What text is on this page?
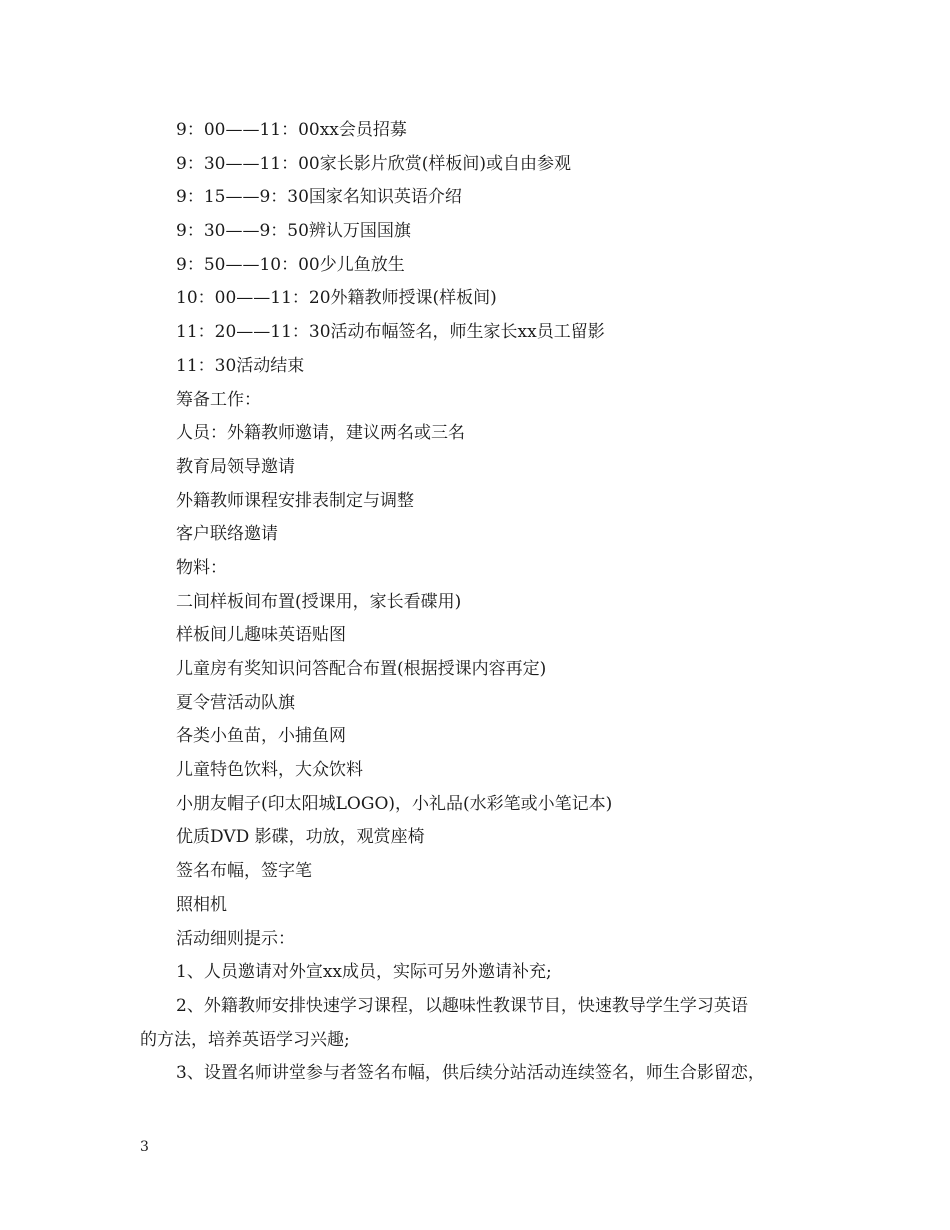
9：00——11：00xx会员招募
9：30——11：00家长影片欣赏(样板间)或自由参观
9：15——9：30国家名知识英语介绍
9：30——9：50辨认万国国旗
9：50——10：00少儿鱼放生
10：00——11：20外籍教师授课(样板间)
11：20——11：30活动布幅签名，师生家长xx员工留影
11：30活动结束
筹备工作：
人员：外籍教师邀请，建议两名或三名
教育局领导邀请
外籍教师课程安排表制定与调整
客户联络邀请
物料：
二间样板间布置(授课用，家长看碟用)
样板间儿趣味英语贴图
儿童房有奖知识问答配合布置(根据授课内容再定)
夏令营活动队旗
各类小鱼苗，小捕鱼网
儿童特色饮料，大众饮料
小朋友帽子(印太阳城LOGO)，小礼品(水彩笔或小笔记本)
优质DVD 影碟，功放，观赏座椅
签名布幅，签字笔
照相机
活动细则提示：
1、人员邀请对外宣xx成员，实际可另外邀请补充;
2、外籍教师安排快速学习课程，以趣味性教课节目，快速教导学生学习英语
的方法，培养英语学习兴趣;
3、设置名师讲堂参与者签名布幅，供后续分站活动连续签名，师生合影留恋，
3
